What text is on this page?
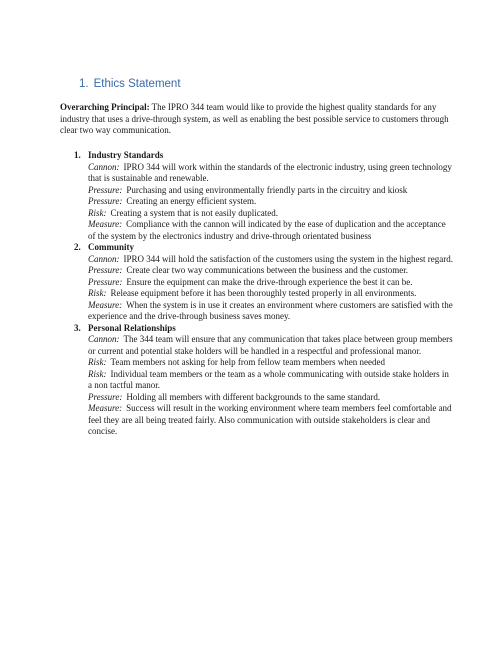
1. Ethics Statement

Overarching Principal: The IPRO 344 team would like to provide the highest quality standards for any industry that uses a drive-through system, as well as enabling the best possible service to customers through clear two way communication.

1. Industry Standards
Cannon: IPRO 344 will work within the standards of the electronic industry, using green technology that is sustainable and renewable.
Pressure: Purchasing and using environmentally friendly parts in the circuitry and kiosk
Pressure: Creating an energy efficient system.
Risk: Creating a system that is not easily duplicated.
Measure: Compliance with the cannon will indicated by the ease of duplication and the acceptance of the system by the electronics industry and drive-through orientated business
2. Community
Cannon: IPRO 344 will hold the satisfaction of the customers using the system in the highest regard.
Pressure: Create clear two way communications between the business and the customer.
Pressure: Ensure the equipment can make the drive-through experience the best it can be.
Risk: Release equipment before it has been thoroughly tested properly in all environments.
Measure: When the system is in use it creates an environment where customers are satisfied with the experience and the drive-through business saves money.
3. Personal Relationships
Cannon: The 344 team will ensure that any communication that takes place between group members or current and potential stake holders will be handled in a respectful and professional manor.
Risk: Team members not asking for help from fellow team members when needed
Risk: Individual team members or the team as a whole communicating with outside stake holders in a non tactful manor.
Pressure: Holding all members with different backgrounds to the same standard.
Measure: Success will result in the working environment where team members feel comfortable and feel they are all being treated fairly. Also communication with outside stakeholders is clear and concise.
